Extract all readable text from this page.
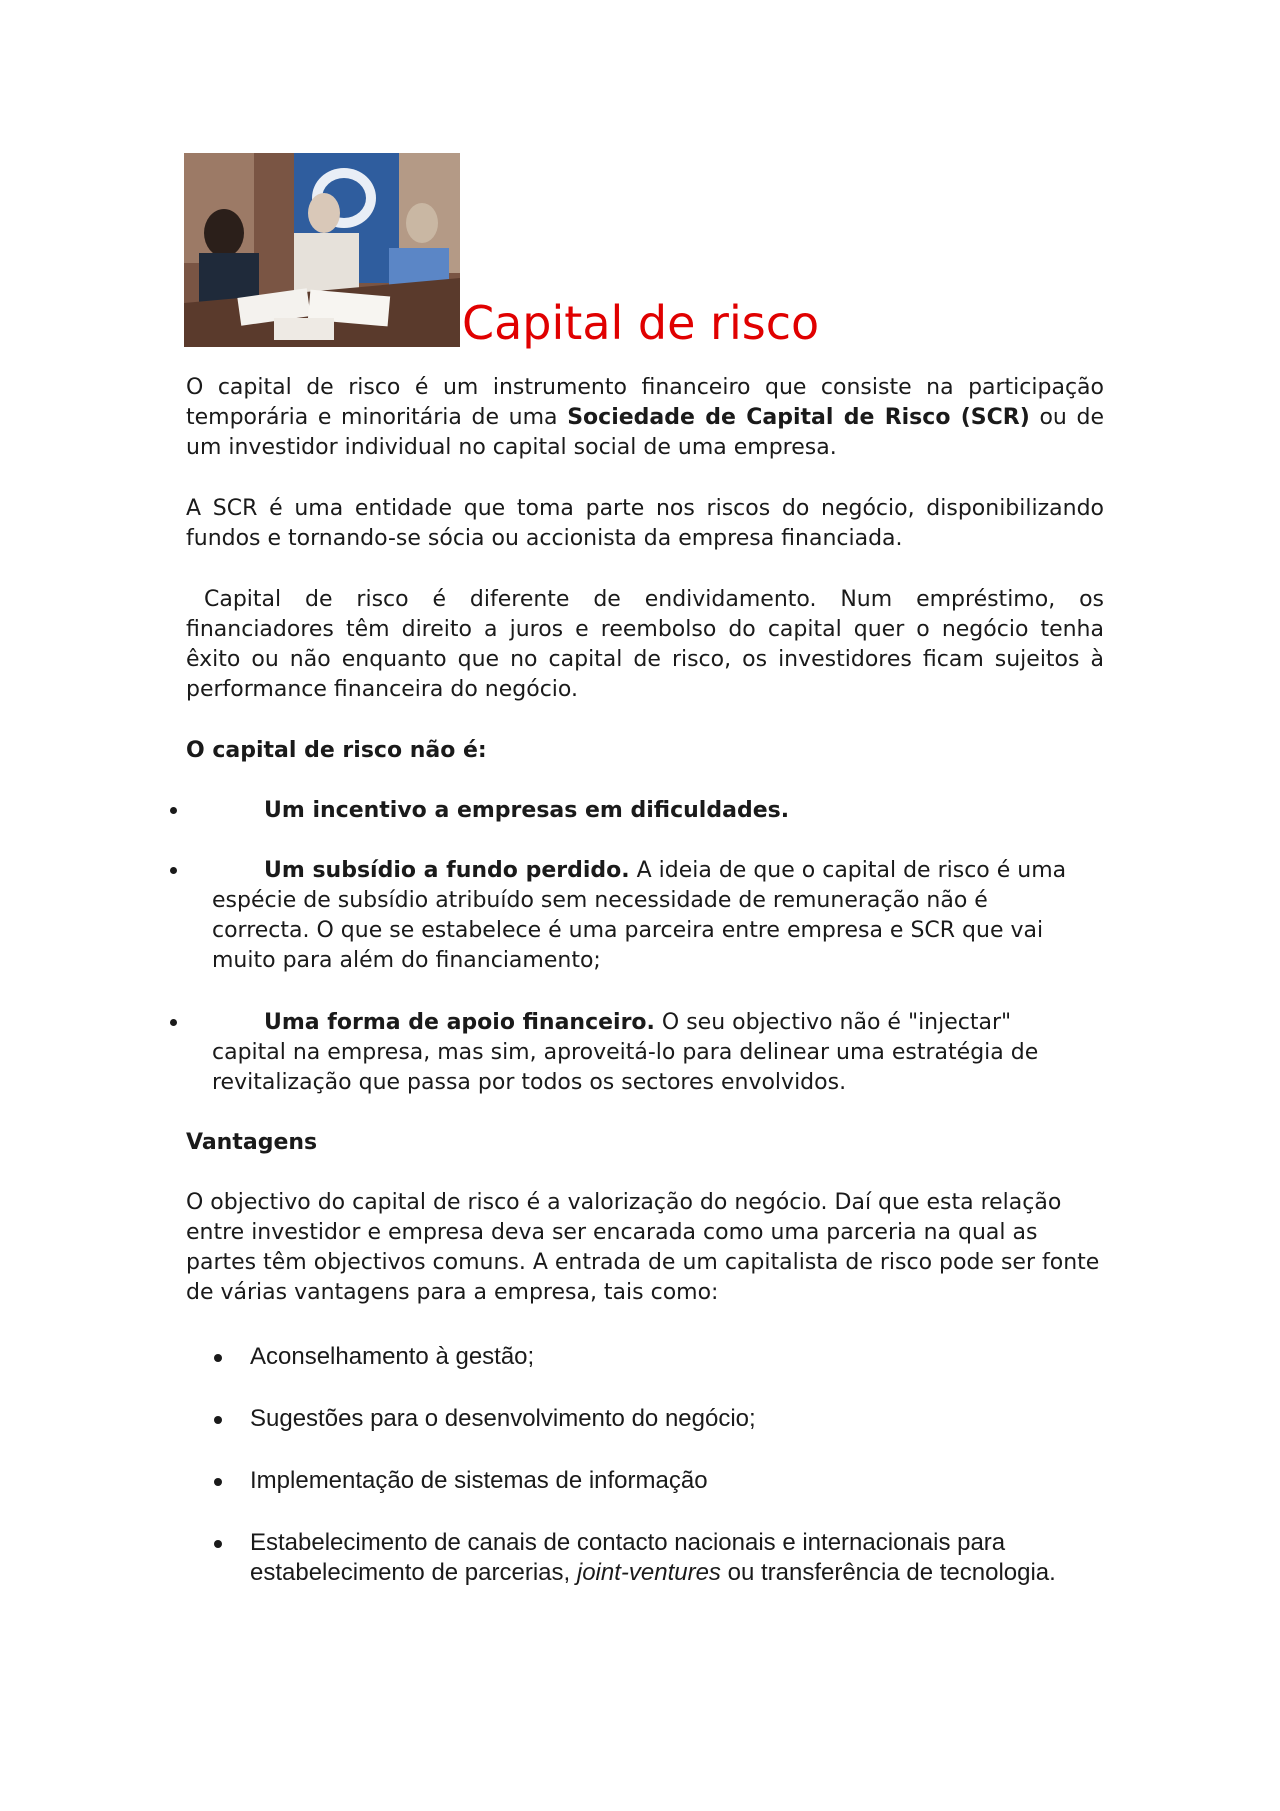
Capital de risco

O capital de risco é um instrumento financeiro que consiste na participação temporária e minoritária de uma Sociedade de Capital de Risco (SCR) ou de um investidor individual no capital social de uma empresa.

A SCR é uma entidade que toma parte nos riscos do negócio, disponibilizando fundos e tornando-se sócia ou accionista da empresa financiada.

Capital de risco é diferente de endividamento. Num empréstimo, os financiadores têm direito a juros e reembolso do capital quer o negócio tenha êxito ou não enquanto que no capital de risco, os investidores ficam sujeitos à performance financeira do negócio.

O capital de risco não é:
Um incentivo a empresas em dificuldades.
Um subsídio a fundo perdido. A ideia de que o capital de risco é uma espécie de subsídio atribuído sem necessidade de remuneração não é correcta. O que se estabelece é uma parceira entre empresa e SCR que vai muito para além do financiamento;
Uma forma de apoio financeiro. O seu objectivo não é "injectar" capital na empresa, mas sim, aproveitá-lo para delinear uma estratégia de revitalização que passa por todos os sectores envolvidos.
Vantagens

O objectivo do capital de risco é a valorização do negócio. Daí que esta relação entre investidor e empresa deva ser encarada como uma parceria na qual as partes têm objectivos comuns. A entrada de um capitalista de risco pode ser fonte de várias vantagens para a empresa, tais como:

Aconselhamento à gestão;
Sugestões para o desenvolvimento do negócio;
Implementação de sistemas de informação
Estabelecimento de canais de contacto nacionais e internacionais para estabelecimento de parcerias, joint-ventures ou transferência de tecnologia.
